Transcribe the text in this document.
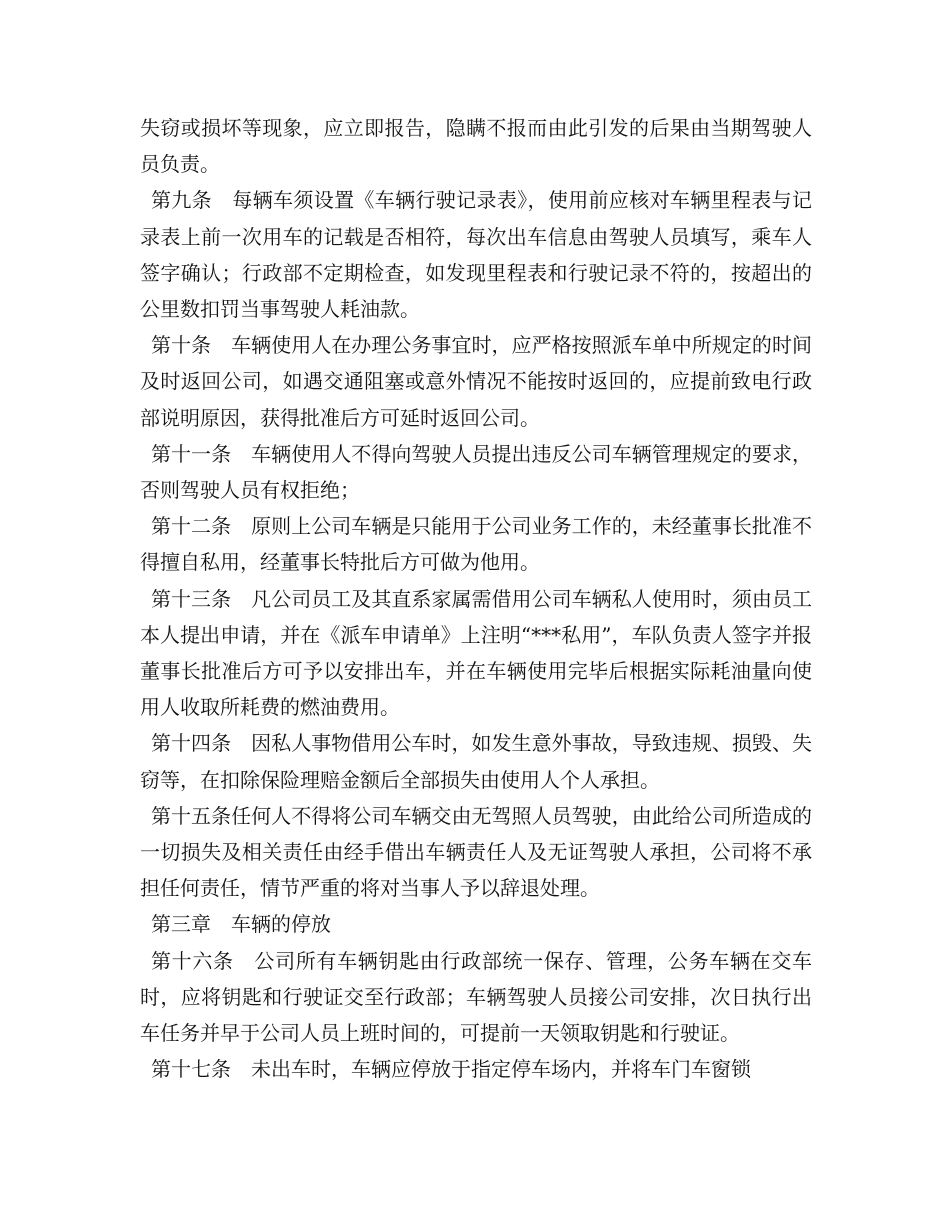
失窃或损坏等现象，应立即报告，隐瞒不报而由此引发的后果由当期驾驶人员负责。

第九条　每辆车须设置《车辆行驶记录表》，使用前应核对车辆里程表与记录表上前一次用车的记载是否相符，每次出车信息由驾驶人员填写，乘车人签字确认；行政部不定期检查，如发现里程表和行驶记录不符的，按超出的公里数扣罚当事驾驶人耗油款。

第十条　车辆使用人在办理公务事宜时，应严格按照派车单中所规定的时间及时返回公司，如遇交通阻塞或意外情况不能按时返回的，应提前致电行政部说明原因，获得批准后方可延时返回公司。

第十一条　车辆使用人不得向驾驶人员提出违反公司车辆管理规定的要求，否则驾驶人员有权拒绝；

第十二条　原则上公司车辆是只能用于公司业务工作的，未经董事长批准不得擅自私用，经董事长特批后方可做为他用。

第十三条　凡公司员工及其直系家属需借用公司车辆私人使用时，须由员工本人提出申请，并在《派车申请单》上注明“***私用”，车队负责人签字并报董事长批准后方可予以安排出车，并在车辆使用完毕后根据实际耗油量向使用人收取所耗费的燃油费用。

第十四条　因私人事物借用公车时，如发生意外事故，导致违规、损毁、失窃等，在扣除保险理赔金额后全部损失由使用人个人承担。

第十五条任何人不得将公司车辆交由无驾照人员驾驶，由此给公司所造成的一切损失及相关责任由经手借出车辆责任人及无证驾驶人承担，公司将不承担任何责任，情节严重的将对当事人予以辞退处理。

第三章　车辆的停放

第十六条　公司所有车辆钥匙由行政部统一保存、管理，公务车辆在交车时，应将钥匙和行驶证交至行政部；车辆驾驶人员接公司安排，次日执行出车任务并早于公司人员上班时间的，可提前一天领取钥匙和行驶证。

第十七条　未出车时，车辆应停放于指定停车场内，并将车门车窗锁
